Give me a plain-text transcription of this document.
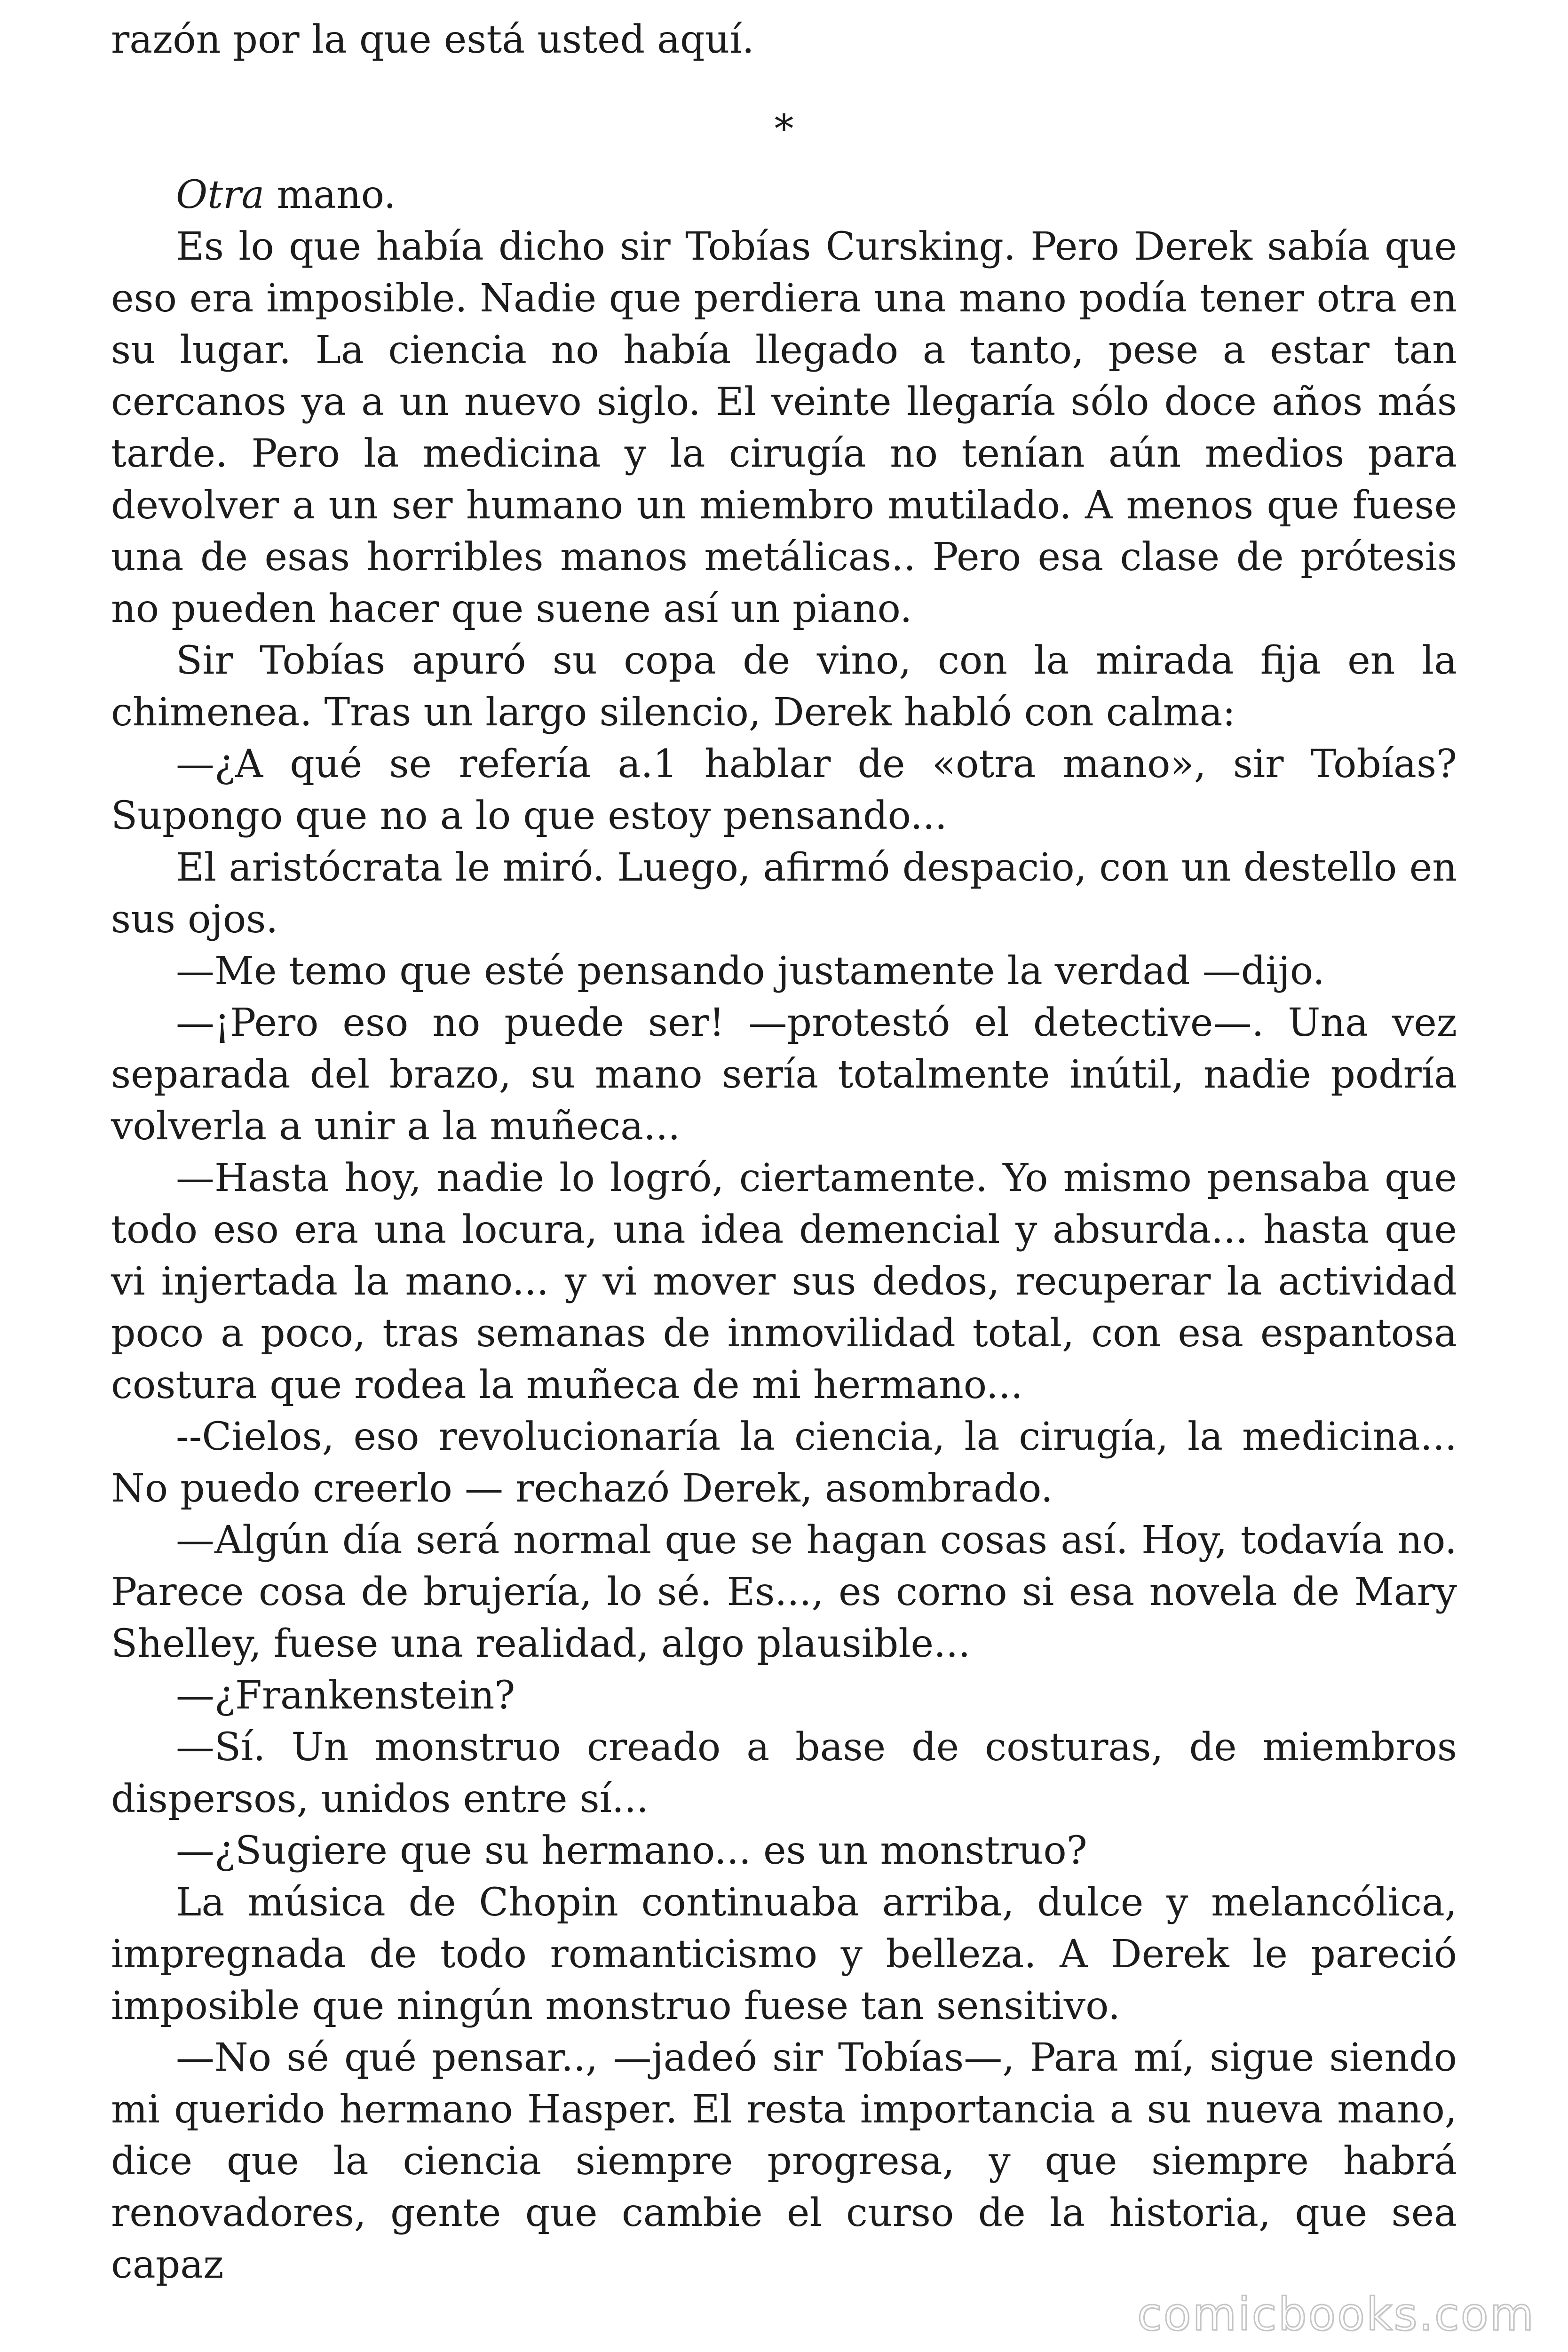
razón por la que está usted aquí.

*

Otra mano.

Es lo que había dicho sir Tobías Cursking. Pero Derek sabía que eso era imposible. Nadie que perdiera una mano podía tener otra en su lugar. La ciencia no había llegado a tanto, pese a estar tan cercanos ya a un nuevo siglo. El veinte llegaría sólo doce años más tarde. Pero la medicina y la cirugía no tenían aún medios para devolver a un ser humano un miembro mutilado. A menos que fuese una de esas horribles manos metálicas.. Pero esa clase de prótesis no pueden hacer que suene así un piano.

Sir Tobías apuró su copa de vino, con la mirada fija en la chimenea. Tras un largo silencio, Derek habló con calma:

—¿A qué se refería a.1 hablar de «otra mano», sir Tobías? Supongo que no a lo que estoy pensando...

El aristócrata le miró. Luego, afirmó despacio, con un destello en sus ojos.

—Me temo que esté pensando justamente la verdad —dijo.

—¡Pero eso no puede ser! —protestó el detective—. Una vez separada del brazo, su mano sería totalmente inútil, nadie podría volverla a unir a la muñeca...

—Hasta hoy, nadie lo logró, ciertamente. Yo mismo pensaba que todo eso era una locura, una idea demencial y absurda... hasta que vi injertada la mano... y vi mover sus dedos, recuperar la actividad poco a poco, tras semanas de inmovilidad total, con esa espantosa costura que rodea la muñeca de mi hermano...

--Cielos, eso revolucionaría la ciencia, la cirugía, la medicina... No puedo creerlo — rechazó Derek, asombrado.

—Algún día será normal que se hagan cosas así. Hoy, todavía no. Parece cosa de brujería, lo sé. Es..., es corno si esa novela de Mary Shelley, fuese una realidad, algo plausible...

—¿Frankenstein?

—Sí. Un monstruo creado a base de costuras, de miembros dispersos, unidos entre sí...

—¿Sugiere que su hermano... es un monstruo?

La música de Chopin continuaba arriba, dulce y melancólica, impregnada de todo romanticismo y belleza. A Derek le pareció imposible que ningún monstruo fuese tan sensitivo.

—No sé qué pensar.., —jadeó sir Tobías—, Para mí, sigue siendo mi querido hermano Hasper. El resta importancia a su nueva mano, dice que la ciencia siempre progresa, y que siempre habrá renovadores, gente que cambie el curso de la historia, que sea capaz

comicbooks.com
